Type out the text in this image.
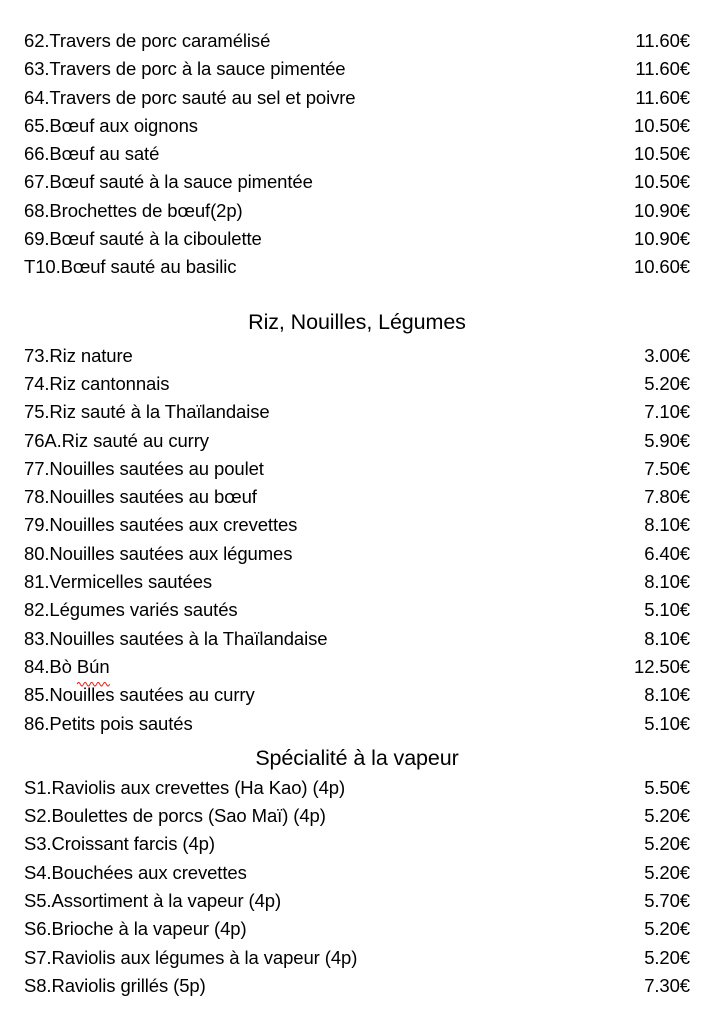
62.Travers de porc caramélisé	11.60€
63.Travers de porc à la sauce pimentée	11.60€
64.Travers de porc sauté au sel et poivre	11.60€
65.Bœuf aux oignons	10.50€
66.Bœuf au saté	10.50€
67.Bœuf sauté à la sauce pimentée	10.50€
68.Brochettes de bœuf(2p)	10.90€
69.Bœuf sauté à la ciboulette	10.90€
T10.Bœuf sauté au basilic	10.60€
Riz, Nouilles, Légumes
73.Riz nature	3.00€
74.Riz cantonnais	5.20€
75.Riz sauté à la Thaïlandaise	7.10€
76A.Riz sauté au curry	5.90€
77.Nouilles sautées au poulet	7.50€
78.Nouilles sautées au bœuf	7.80€
79.Nouilles sautées aux crevettes	8.10€
80.Nouilles sautées aux légumes	6.40€
81.Vermicelles sautées	8.10€
82.Légumes variés sautés	5.10€
83.Nouilles sautées à la Thaïlandaise	8.10€
84.Bò Bún	12.50€
85.Nouilles sautées au curry	8.10€
86.Petits pois sautés	5.10€
Spécialité à la vapeur
S1.Raviolis aux crevettes (Ha Kao) (4p)	5.50€
S2.Boulettes de porcs (Sao Maï) (4p)	5.20€
S3.Croissant farcis (4p)	5.20€
S4.Bouchées aux crevettes	5.20€
S5.Assortiment à la vapeur (4p)	5.70€
S6.Brioche à la vapeur (4p)	5.20€
S7.Raviolis aux légumes à la vapeur (4p)	5.20€
S8.Raviolis grillés (5p)	7.30€
